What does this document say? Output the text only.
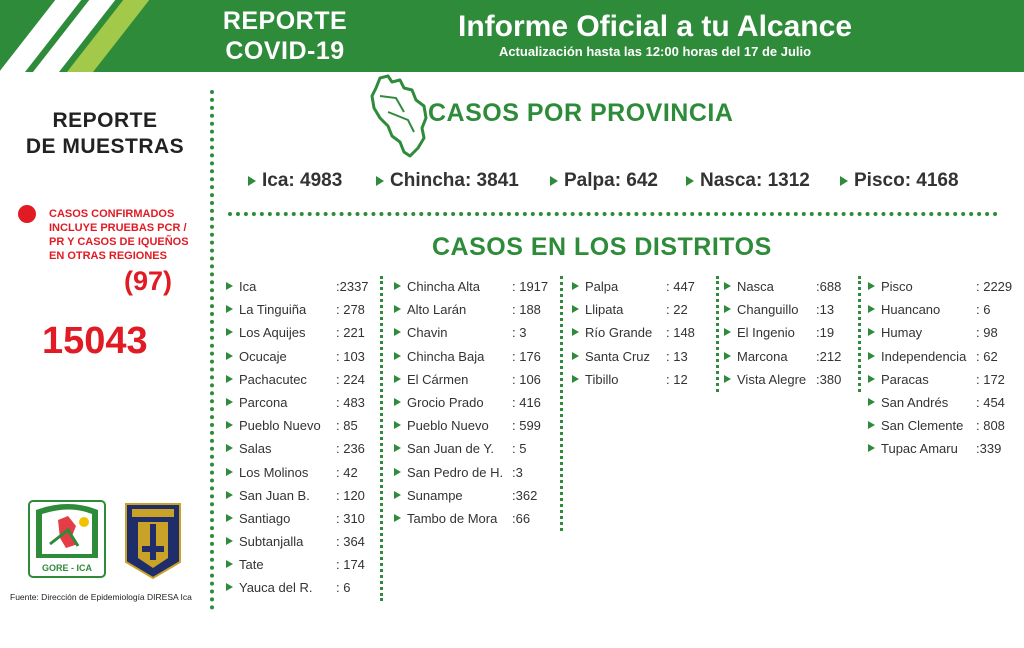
REPORTE
COVID-19
Informe Oficial a tu Alcance
Actualización hasta las 12:00 horas del 17 de Julio
REPORTE
DE MUESTRAS
CASOS CONFIRMADOS INCLUYE PRUEBAS PCR / PR Y CASOS DE IQUEÑOS EN OTRAS REGIONES
(97)
15043
GORE - ICA
Fuente: Dirección de Epidemiología DIRESA Ica
CASOS POR PROVINCIA
Ica: 4983	Chincha: 3841 Palpa: 642 Nasca: 1312 Pisco: 4168
CASOS EN LOS DISTRITOS
Ica	:2337
La Tinguiña : 278
Los Aquijes : 221
Ocucaje	: 103
Pachacutec : 224
Parcona	: 483
Pueblo Nuevo : 85
Salas	: 236
Los Molinos : 42
San Juan B. : 120
Santiago	: 310
Subtanjalla	: 364
Tate	: 174
Yauca del R. : 6
Chincha Alta : 1917
Alto Larán	: 188
Chavin	: 3
Chincha Baja : 176
El Cármen	: 106
Grocio Prado : 416
Pueblo Nuevo : 599
San Juan de Y. : 5
San Pedro de H. :3
Sunampe	:362
Tambo de Mora :66
Palpa	: 447
Llipata	: 22
Río Grande : 148
Santa Cruz : 13
Tibillo	: 12
Nasca	:688
Changuillo :13
El Ingenio :19
Marcona :212
Vista Alegre :380
Pisco	: 2229
Huancano	: 6
Humay	: 98
Independencia : 62
Paracas	: 172
San Andrés : 454
San Clemente : 808
Tupac Amaru :339
